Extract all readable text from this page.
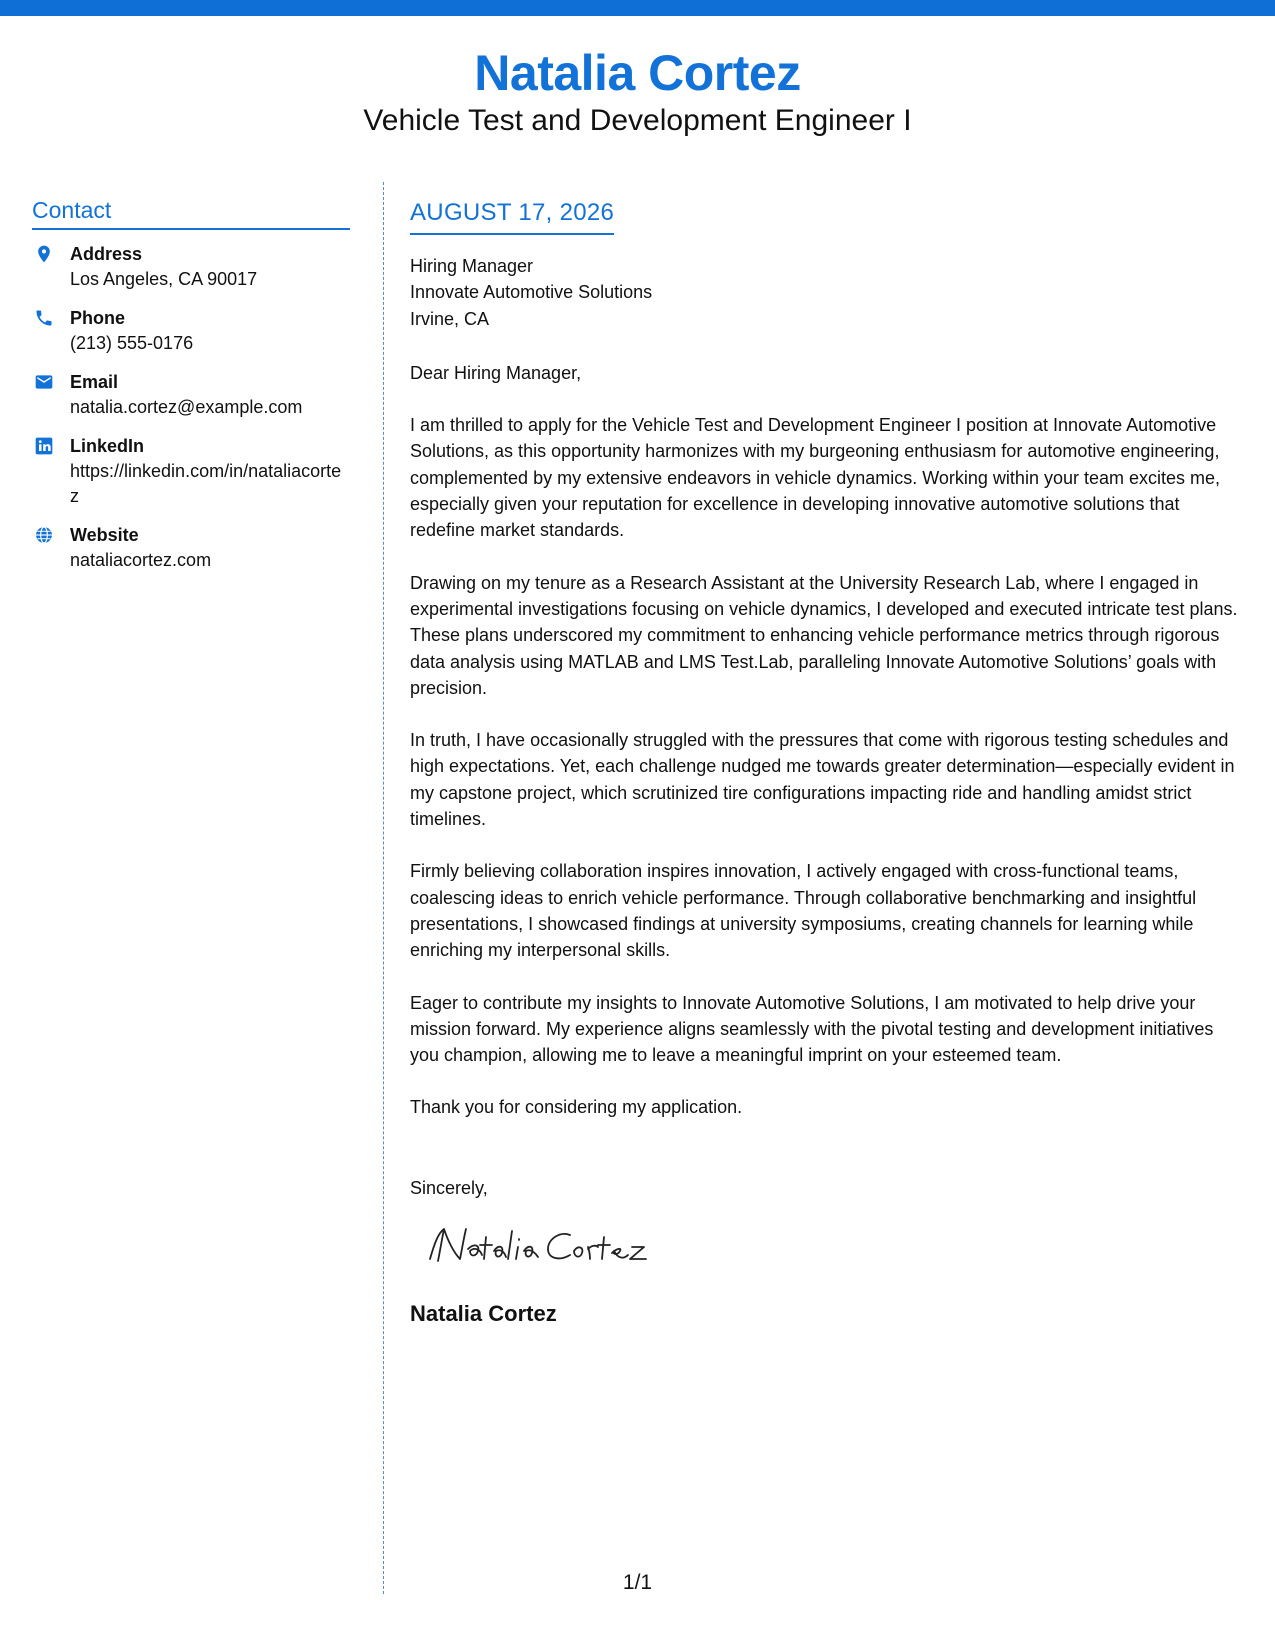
Natalia Cortez
Vehicle Test and Development Engineer I
Contact
Address
Los Angeles, CA 90017
Phone
(213) 555-0176
Email
natalia.cortez@example.com
LinkedIn
https://linkedin.com/in/nataliacortez
Website
nataliacortez.com
AUGUST 17, 2026
Hiring Manager
Innovate Automotive Solutions
Irvine, CA
Dear Hiring Manager,
I am thrilled to apply for the Vehicle Test and Development Engineer I position at Innovate Automotive Solutions, as this opportunity harmonizes with my burgeoning enthusiasm for automotive engineering, complemented by my extensive endeavors in vehicle dynamics. Working within your team excites me, especially given your reputation for excellence in developing innovative automotive solutions that redefine market standards.
Drawing on my tenure as a Research Assistant at the University Research Lab, where I engaged in experimental investigations focusing on vehicle dynamics, I developed and executed intricate test plans. These plans underscored my commitment to enhancing vehicle performance metrics through rigorous data analysis using MATLAB and LMS Test.Lab, paralleling Innovate Automotive Solutions’ goals with precision.
In truth, I have occasionally struggled with the pressures that come with rigorous testing schedules and high expectations. Yet, each challenge nudged me towards greater determination—especially evident in my capstone project, which scrutinized tire configurations impacting ride and handling amidst strict timelines.
Firmly believing collaboration inspires innovation, I actively engaged with cross-functional teams, coalescing ideas to enrich vehicle performance. Through collaborative benchmarking and insightful presentations, I showcased findings at university symposiums, creating channels for learning while enriching my interpersonal skills.
Eager to contribute my insights to Innovate Automotive Solutions, I am motivated to help drive your mission forward. My experience aligns seamlessly with the pivotal testing and development initiatives you champion, allowing me to leave a meaningful imprint on your esteemed team.
Thank you for considering my application.
Sincerely,
Natalia Cortez
1/1
